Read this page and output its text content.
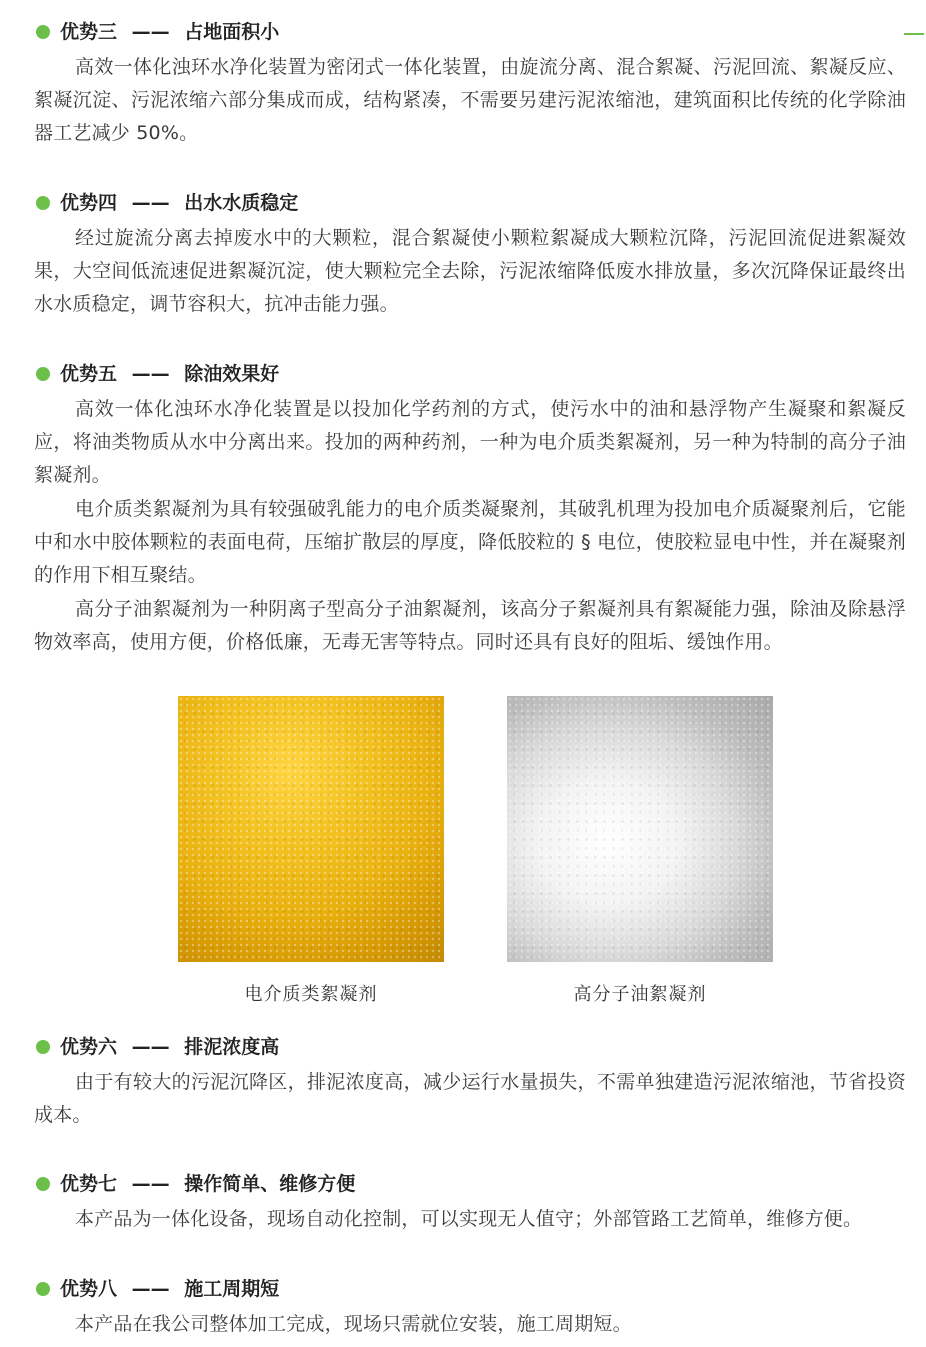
优势三 —— 占地面积小

高效一体化浊环水净化装置为密闭式一体化装置，由旋流分离、混合絮凝、污泥回流、絮凝反应、絮凝沉淀、污泥浓缩六部分集成而成，结构紧凑，不需要另建污泥浓缩池，建筑面积比传统的化学除油器工艺减少 50%。

优势四 —— 出水水质稳定

经过旋流分离去掉废水中的大颗粒，混合絮凝使小颗粒絮凝成大颗粒沉降，污泥回流促进絮凝效果，大空间低流速促进絮凝沉淀，使大颗粒完全去除，污泥浓缩降低废水排放量，多次沉降保证最终出水水质稳定，调节容积大，抗冲击能力强。

优势五 —— 除油效果好

高效一体化浊环水净化装置是以投加化学药剂的方式，使污水中的油和悬浮物产生凝聚和絮凝反应，将油类物质从水中分离出来。投加的两种药剂，一种为电介质类絮凝剂，另一种为特制的高分子油絮凝剂。

电介质类絮凝剂为具有较强破乳能力的电介质类凝聚剂，其破乳机理为投加电介质凝聚剂后，它能中和水中胶体颗粒的表面电荷，压缩扩散层的厚度，降低胶粒的 § 电位，使胶粒显电中性，并在凝聚剂的作用下相互聚结。

高分子油絮凝剂为一种阴离子型高分子油絮凝剂，该高分子絮凝剂具有絮凝能力强，除油及除悬浮物效率高，使用方便，价格低廉，无毒无害等特点。同时还具有良好的阻垢、缓蚀作用。

电介质类絮凝剂	高分子油絮凝剂
优势六 —— 排泥浓度高

由于有较大的污泥沉降区，排泥浓度高，减少运行水量损失，不需单独建造污泥浓缩池，节省投资成本。

优势七 —— 操作简单、维修方便

本产品为一体化设备，现场自动化控制，可以实现无人值守；外部管路工艺简单，维修方便。

优势八 —— 施工周期短

本产品在我公司整体加工完成，现场只需就位安装，施工周期短。
